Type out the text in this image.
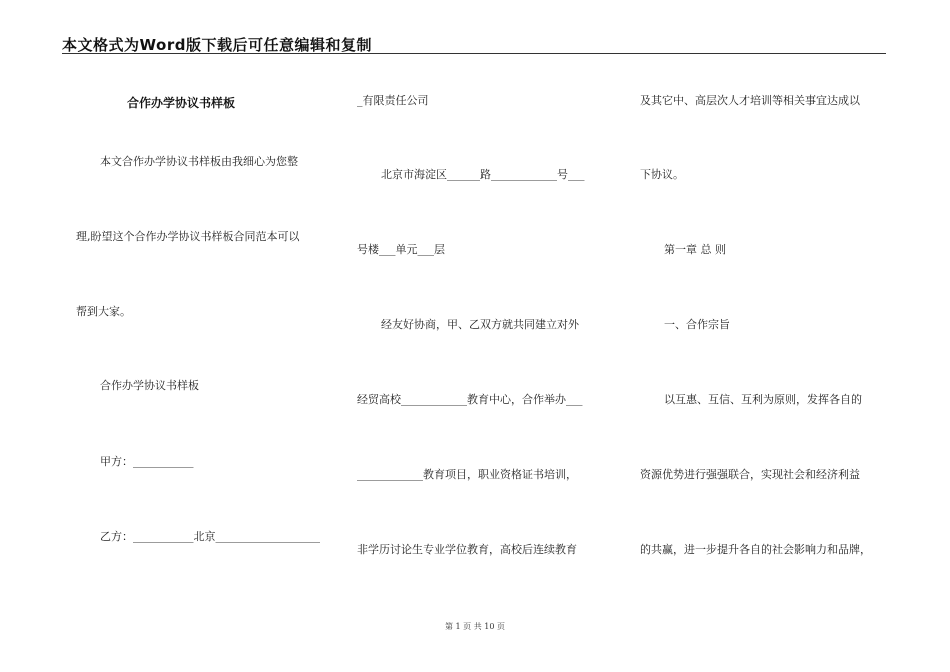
本文格式为Word版下载后可任意编辑和复制
合作办学协议书样板
本文合作办学协议书样板由我细心为您整
理,盼望这个合作办学协议书样板合同范本可以
帮到大家。
合作办学协议书样板
甲方：___________
乙方：___________北京___________________
_有限责任公司
北京市海淀区______路____________号___
号楼___单元___层
经友好协商，甲、乙双方就共同建立对外
经贸高校____________教育中心，合作举办___
____________教育项目，职业资格证书培训，
非学历讨论生专业学位教育，高校后连续教育
及其它中、高层次人才培训等相关事宜达成以
下协议。
第一章 总 则
一、合作宗旨
以互惠、互信、互利为原则，发挥各自的
资源优势进行强强联合，实现社会和经济利益
的共赢，进一步提升各自的社会影响力和品牌，
第 1 页 共 10 页
